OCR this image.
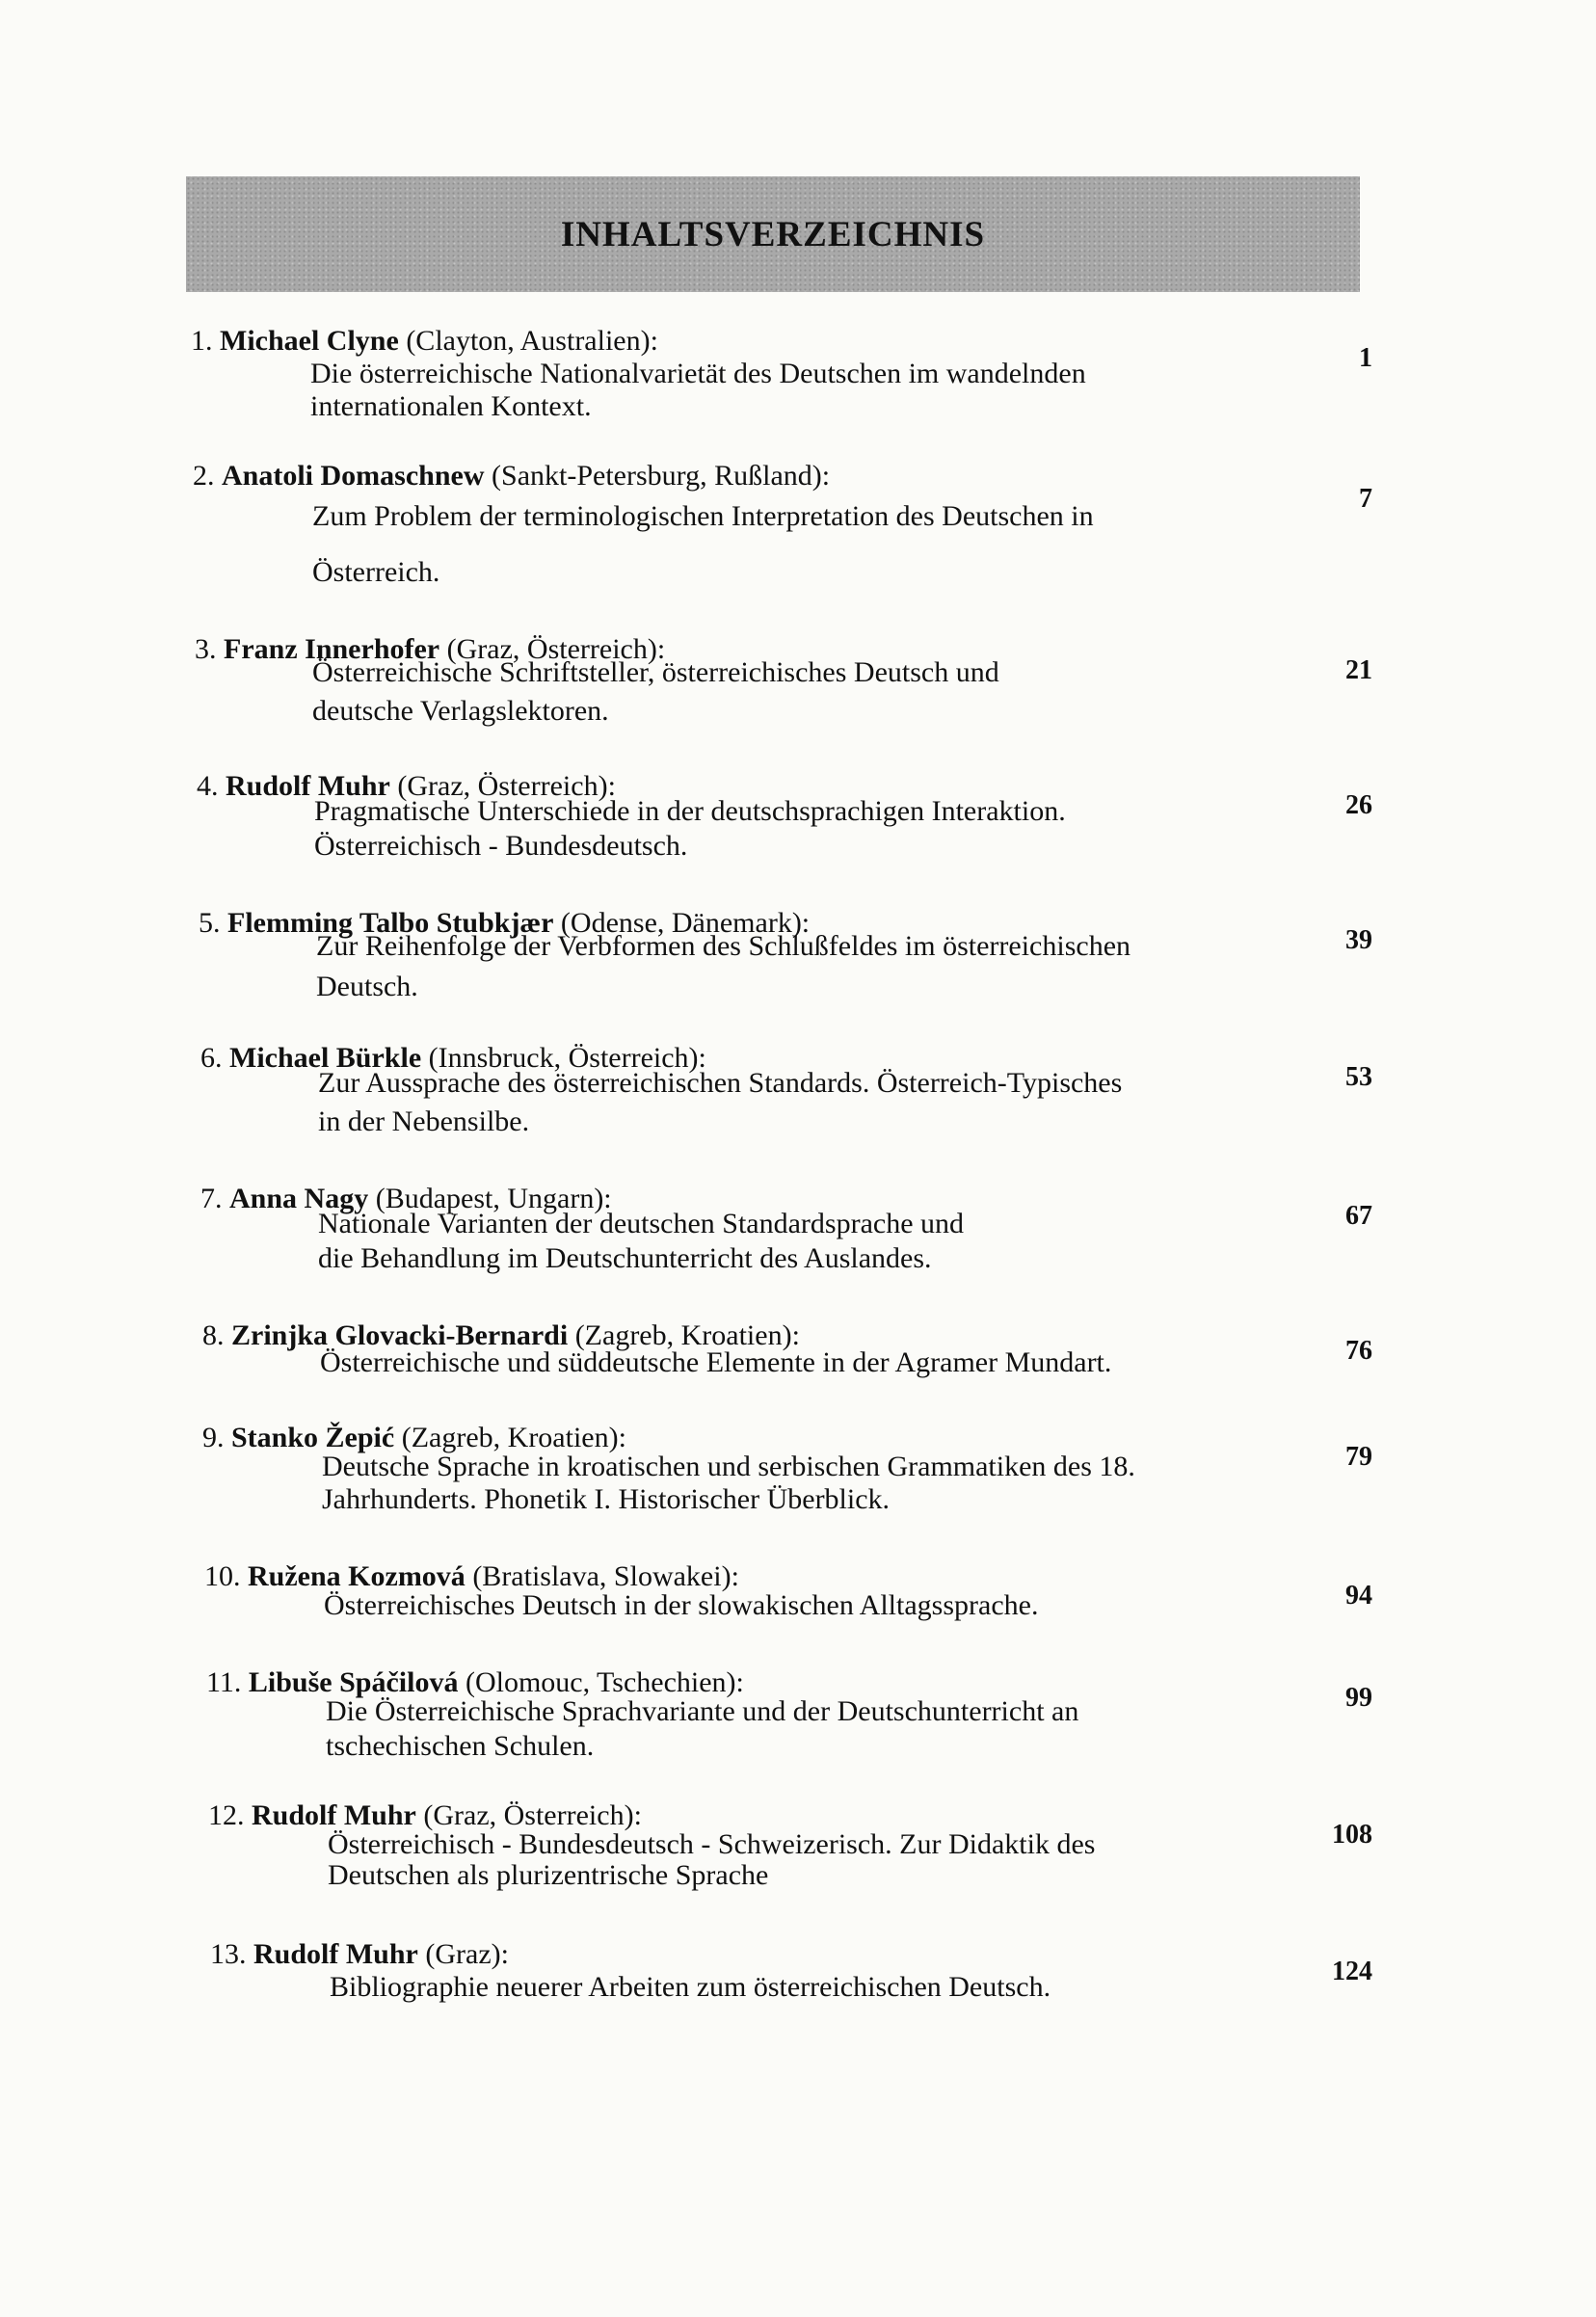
INHALTSVERZEICHNIS
1. Michael Clyne (Clayton, Australien):
Die österreichische Nationalvarietät des Deutschen im wandelnden
internationalen Kontext.
1
2. Anatoli Domaschnew (Sankt-Petersburg, Rußland):
Zum Problem der terminologischen Interpretation des Deutschen in
Österreich.
7
3. Franz Innerhofer (Graz, Österreich):
Österreichische Schriftsteller, österreichisches Deutsch und
deutsche Verlagslektoren.
21
4. Rudolf Muhr (Graz, Österreich):
Pragmatische Unterschiede in der deutschsprachigen Interaktion.
Österreichisch - Bundesdeutsch.
26
5. Flemming Talbo Stubkjær (Odense, Dänemark):
Zur Reihenfolge der Verbformen des Schlußfeldes im österreichischen
Deutsch.
39
6. Michael Bürkle (Innsbruck, Österreich):
Zur Aussprache des österreichischen Standards. Österreich-Typisches
in der Nebensilbe.
53
7. Anna Nagy (Budapest, Ungarn):
Nationale Varianten der deutschen Standardsprache und
die Behandlung im Deutschunterricht des Auslandes.
67
8. Zrinjka Glovacki-Bernardi (Zagreb, Kroatien):
Österreichische und süddeutsche Elemente in der Agramer Mundart.	76
9. Stanko Žepić (Zagreb, Kroatien):
Deutsche Sprache in kroatischen und serbischen Grammatiken des 18.
Jahrhunderts. Phonetik I. Historischer Überblick.
79
10. Ružena Kozmová (Bratislava, Slowakei):
Österreichisches Deutsch in der slowakischen Alltagssprache.	94
11. Libuše Spáčilová (Olomouc, Tschechien):
Die Österreichische Sprachvariante und der Deutschunterricht an
tschechischen Schulen.
99
12. Rudolf Muhr (Graz, Österreich):
Österreichisch - Bundesdeutsch - Schweizerisch. Zur Didaktik des
Deutschen als plurizentrische Sprache
108
13. Rudolf Muhr (Graz):
Bibliographie neuerer Arbeiten zum österreichischen Deutsch.	124
